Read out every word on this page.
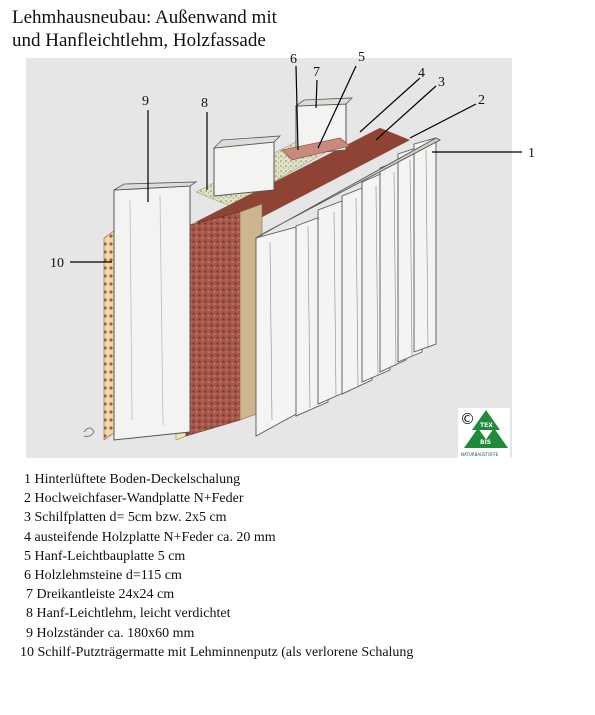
Lehmhausneubau: Außenwand mit
und Hanfleichtlehm, Holzfassade
1
2
3
4
5
6
7
8
9
10
© TEX
BIS
NATURBAUSTOFFE
1 Hinterlüftete Boden-Deckelschalung
2 Hoclweichfaser-Wandplatte N+Feder
3 Schilfplatten d= 5cm bzw. 2x5 cm
4 austeifende Holzplatte N+Feder ca. 20 mm
5 Hanf-Leichtbauplatte 5 cm
6 Holzlehmsteine d=115 cm
7 Dreikantleiste 24x24 cm
8 Hanf-Leichtlehm, leicht verdichtet
9 Holzständer ca. 180x60 mm
10 Schilf-Putzträgermatte mit Lehminnenputz (als verlorene Schalung
